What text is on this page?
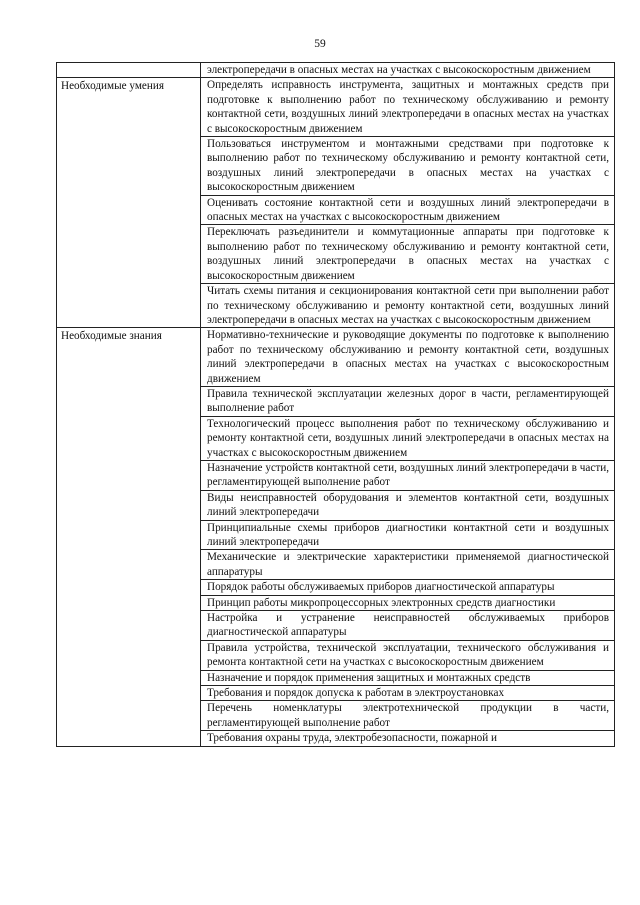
59

	электропередачи в опасных местах на участках с высокоскоростным движением

Необходимые умения	Определять исправность инструмента, защитных и монтажных средств при подготовке к выполнению работ по техническому обслуживанию и ремонту контактной сети, воздушных линий электропередачи в опасных местах на участках с высокоскоростным движением

	Пользоваться инструментом и монтажными средствами при подготовке к выполнению работ по техническому обслуживанию и ремонту контактной сети, воздушных линий электропередачи в опасных местах на участках с высокоскоростным движением

	Оценивать состояние контактной сети и воздушных линий электропередачи в опасных местах на участках с высокоскоростным движением

	Переключать разъединители и коммутационные аппараты при подготовке к выполнению работ по техническому обслуживанию и ремонту контактной сети, воздушных линий электропередачи в опасных местах на участках с высокоскоростным движением

	Читать схемы питания и секционирования контактной сети при выполнении работ по техническому обслуживанию и ремонту контактной сети, воздушных линий электропередачи в опасных местах на участках с высокоскоростным движением

Необходимые знания	Нормативно-технические и руководящие документы по подготовке к выполнению работ по техническому обслуживанию и ремонту контактной сети, воздушных линий электропередачи в опасных местах на участках с высокоскоростным движением

	Правила технической эксплуатации железных дорог в части, регламентирующей выполнение работ

	Технологический процесс выполнения работ по техническому обслуживанию и ремонту контактной сети, воздушных линий электропередачи в опасных местах на участках с высокоскоростным движением

	Назначение устройств контактной сети, воздушных линий электропередачи в части, регламентирующей выполнение работ

	Виды неисправностей оборудования и элементов контактной сети, воздушных линий электропередачи

	Принципиальные схемы приборов диагностики контактной сети и воздушных линий электропередачи

	Механические и электрические характеристики применяемой диагностической аппаратуры

	Порядок работы обслуживаемых приборов диагностической аппаратуры

	Принцип работы микропроцессорных электронных средств диагностики

	Настройка и устранение неисправностей обслуживаемых приборов диагностической аппаратуры

	Правила устройства, технической эксплуатации, технического обслуживания и ремонта контактной сети на участках с высокоскоростным движением

	Назначение и порядок применения защитных и монтажных средств

	Требования и порядок допуска к работам в электроустановках

	Перечень номенклатуры электротехнической продукции в части, регламентирующей выполнение работ

	Требования охраны труда, электробезопасности, пожарной и
